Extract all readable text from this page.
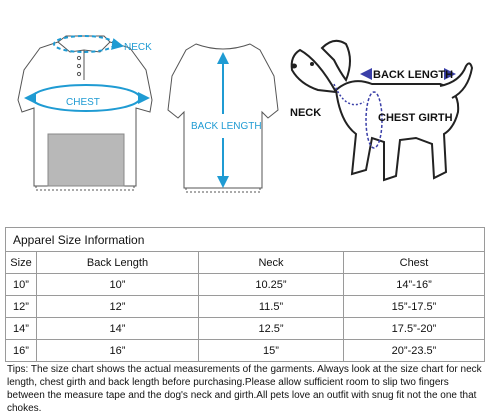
NECK
CHEST
BACK LENGTH
BACK LENGTH
NECK	CHEST GIRTH
Apparel Size Information			
Size	Back Length	Neck	Chest
10”	10”	10.25”	14”-16”
12”	12”	11.5”	15”-17.5”
14”	14”	12.5”	17.5”-20”
16”	16”	15”	20”-23.5”
Tips: The size chart shows the actual measurements of the garments. Always look at the size chart for neck length, chest girth and back length before purchasing.Please allow sufficient room to slip two fingers between the measure tape and the dog's neck and girth.All pets love an outfit with snug fit not the one that chokes.
